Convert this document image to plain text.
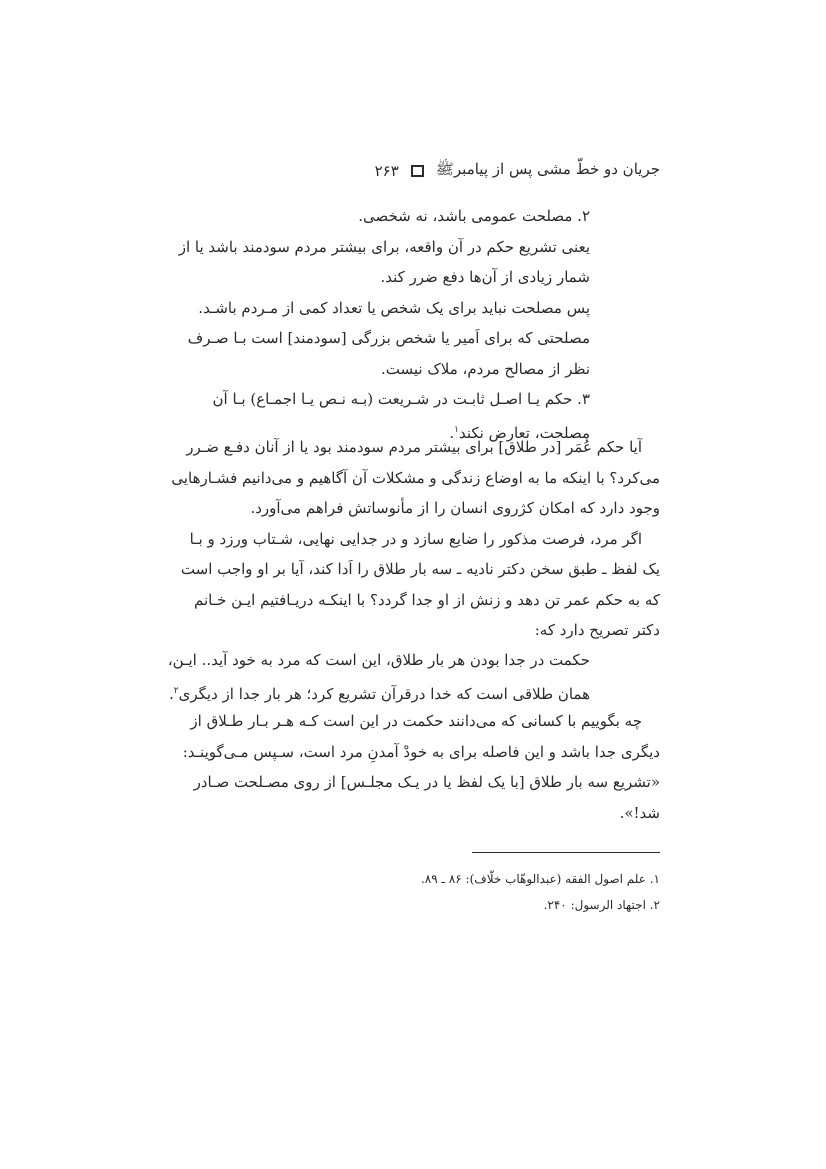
جریان دو خطّ مشی پس از پیامبرﷺ
۲۶۳
۲. مصلحت عمومی باشد، نه شخصی.
یعنی تشریع حکم در آن واقعه، برای بیشتر مردم سودمند باشد یا از
شمار زیادی از آن‌ها دفع ضرر کند.
پس مصلحت نباید برای یک شخص یا تعداد کمی از مـردم باشـد.
مصلحتی که برای اَمیر یا شخص بزرگی [سودمند] است بـا صـرف
نظر از مصالح مردم، ملاک نیست.
۳. حکم یـا اصـل ثابـت در شـریعت (بـه نـص یـا اجمـاع) بـا آن
مصلحت، تعارض نکند$^۱$.
آیا حکم عُمَر [در طلاق] برای بیشتر مردم سودمند بود یا از آنان دفـع ضـرر
می‌کرد؟ با اینکه ما به اوضاع زندگی و مشکلات آن آگاهیم و می‌دانیم فشـارهایی
وجود دارد که امکان کژروی انسان را از مأنوساتش فراهم می‌آورد.
اگر مرد، فرصت مذکور را ضایع سازد و در جدایی نهایی، شـتاب ورزد و بـا
یک لفظ ـ طبق سخن دکتر نادیه ـ سه بار طلاق را اَدا کند، آیا بر او واجب است
که به حکم عمر تن دهد و زنش از او جدا گردد؟ با اینکـه دریـافتیم ایـن خـانم
دکتر تصریح دارد که:
حکمت در جدا بودن هر بار طلاق، این است که مرد به خود آید.. ایـن،
همان طلاقی است که خدا درقرآن تشریع کرد؛ هر بار جدا از دیگری$^۲$.
چه بگوییم با کسانی که می‌دانند حکمت در این است کـه هـر بـار طـلاق از
دیگری جدا باشد و این فاصله برای به خودْ آمدنِ مرد است، سـپس مـی‌گوینـد:
«تشریع سه بار طلاق [با یک لفظ یا در یـک مجلـس] از روی مصـلحت صـادر
شد!».
۱. علم اصول الفقه (عبدالوهّاب خلّاف): ۸۶ ـ ۸۹.
۲. اجتهاد الرسول: ۲۴۰.
